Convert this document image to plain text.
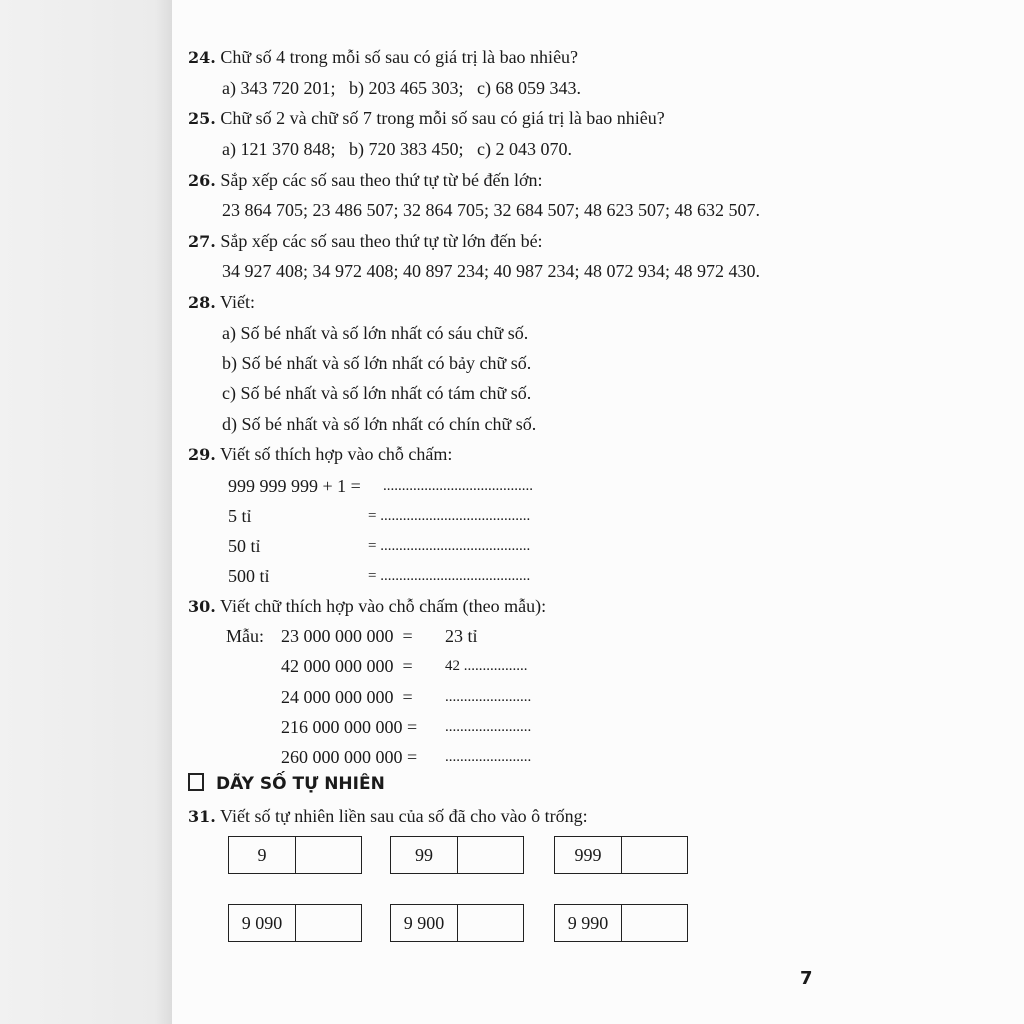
24. Chữ số 4 trong mỗi số sau có giá trị là bao nhiêu?
a) 343 720 201;   b) 203 465 303;   c) 68 059 343.
25. Chữ số 2 và chữ số 7 trong mỗi số sau có giá trị là bao nhiêu?
a) 121 370 848;   b) 720 383 450;   c) 2 043 070.
26. Sắp xếp các số sau theo thứ tự từ bé đến lớn:
23 864 705; 23 486 507; 32 864 705; 32 684 507; 48 623 507; 48 632 507.
27. Sắp xếp các số sau theo thứ tự từ lớn đến bé:
34 927 408; 34 972 408; 40 897 234; 40 987 234; 48 072 934; 48 972 430.
28. Viết:
a) Số bé nhất và số lớn nhất có sáu chữ số.
b) Số bé nhất và số lớn nhất có bảy chữ số.
c) Số bé nhất và số lớn nhất có tám chữ số.
d) Số bé nhất và số lớn nhất có chín chữ số.
29. Viết số thích hợp vào chỗ chấm:
999 999 999 + 1 = ........................................
5 tỉ	= ........................................
50 tỉ	= ........................................
500 tỉ	= ........................................
30. Viết chữ thích hợp vào chỗ chấm (theo mẫu):
Mẫu: 23 000 000 000  = 23 tỉ
42 000 000 000  = 42 .................
24 000 000 000  = .......................
216 000 000 000 = .......................
260 000 000 000 = .......................
DÃY SỐ TỰ NHIÊN
31. Viết số tự nhiên liền sau của số đã cho vào ô trống:
9	99	999
9 090	9 900	9 990
7
